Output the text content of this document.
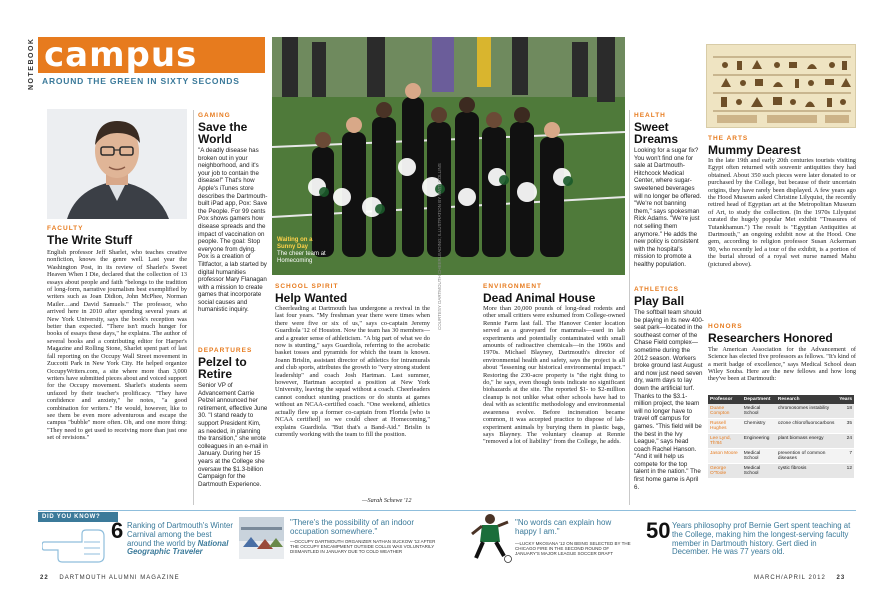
NOTEBOOK campus
AROUND THE GREEN IN SIXTY SECONDS
FACULTY
The Write Stuff
English professor Jeff Sharlet, who teaches creative nonfiction, knows the genre well. Last year the Washington Post, in its review of Sharlet's Sweet Heaven When I Die, declared that the collection of 13 essays about people and faith "belongs to the tradition of long-form, narrative journalism best exemplified by writers such as Joan Didion, John McPhee, Norman Mailer…and David Samuels." The professor, who arrived here in 2010 after spending several years at New York University, says the book's reception was better than expected. "There isn't much hunger for books of essays these days," he explains. The author of several books and a contributing editor for Harper's Magazine and Rolling Stone, Sharlet spent part of last fall reporting on the Occupy Wall Street movement in Zuccotti Park in New York City. He helped organize OccupyWriters.com, a site where more than 3,000 writers have submitted pieces about and voiced support for the Occupy movement. Sharlet's students seem unfazed by their teacher's prolificacy. "They have confidence and anxiety," he notes, "a good combination for writers." He would, however, like to see them be even more adventurous and escape the campus "bubble" more often. Oh, and one more thing: "They need to get used to receiving more than just one set of revisions."
GAMING
Save the World
"A deadly disease has broken out in your neighborhood, and it's your job to contain the disease!" That's how Apple's iTunes store describes the Dartmouth-built iPad app, Pox: Save the People. For 99 cents Pox shows gamers how disease spreads and the impact of vaccination on people. The goal: Stop everyone from dying. Pox is a creation of Tiltfactor, a lab started by digital humanities professor Mary Flanagan with a mission to create games that incorporate social causes and humanistic inquiry.
DEPARTURES
Pelzel to Retire
Senior VP of Advancement Carrie Pelzel announced her retirement, effective June 30. "I stand ready to support President Kim, as needed, in planning the transition," she wrote colleagues in an e-mail in January. During her 15 years at the College she oversaw the $1.3-billion Campaign for the Dartmouth Experience.
Waiting on a Sunny Day
The cheer team at Homecoming	COURTESY DARTMOUTH CHEERLEADING; ILLUSTRATION BY MATT COLLINS
SCHOOL SPIRIT
Help Wanted
Cheerleading at Dartmouth has undergone a revival in the last four years. "My freshman year there were times when there were five or six of us," says co-captain Jeremy Guardiola '12 of Houston. Now the team has 30 members—and a greater sense of athleticism. "A big part of what we do now is stunting," says Guardiola, referring to the acrobatic basket tosses and pyramids for which the team is known. Joann Brislin, assistant director of athletics for intramurals and club sports, attributes the growth to "very strong student leadership" and coach Josh Hartman. Last summer, however, Hartman accepted a position at New York University, leaving the squad without a coach. Cheerleaders cannot conduct stunting practices or do stunts at games without an NCAA-certified coach. "One weekend, athletics actually flew up a former co-captain from Florida [who is NCAA certified] so we could cheer at Homecoming," explains Guardiola. "But that's a Band-Aid." Brislin is currently working with the team to fill the position.
—Sarah Schewe '12
ENVIRONMENT
Dead Animal House
More than 20,000 pounds of long-dead rodents and other small critters were exhumed from College-owned Rennie Farm last fall. The Hanover Center location served as a graveyard for mammals—used in lab experiments and potentially contaminated with small amounts of radioactive chemicals—in the 1960s and 1970s. Michael Blayney, Dartmouth's director of environmental health and safety, says the project is all about "lessening our historical environmental impact." Restoring the 230-acre property is "the right thing to do," he says, even though tests indicate no significant biohazards at the site. The reported $1- to $2-million cleanup is not unlike what other schools have had to deal with as scientific methodology and environmental awareness evolve. Before incineration became common, it was accepted practice to dispose of lab-experiment animals by burying them in plastic bags, says Blayney. The voluntary cleanup at Rennie "removed a lot of liability" from the College, he adds.
HEALTH
Sweet Dreams
Looking for a sugar fix? You won't find one for sale at Dartmouth-Hitchcock Medical Center, where sugar-sweetened beverages will no longer be offered. "We're not banning them," says spokesman Rick Adams. "We're just not selling them anymore." He adds the new policy is consistent with the hospital's mission to promote a healthy population.
ATHLETICS
Play Ball
The softball team should be playing in its new 400-seat park—located in the southeast corner of the Chase Field complex—sometime during the 2012 season. Workers broke ground last August and now just need seven dry, warm days to lay down the artificial turf. Thanks to the $3.1-million project, the team will no longer have to travel off campus for games. "This field will be the best in the Ivy League," says head coach Rachel Hanson. "And it will help us compete for the top talent in the nation." The first home game is April 6.
THE ARTS
Mummy Dearest
In the late 19th and early 20th centuries tourists visiting Egypt often returned with souvenir antiquities they had obtained. About 350 such pieces were later donated to or purchased by the College, but because of their uncertain origins, they have rarely been displayed. A few years ago the Hood Museum asked Christine Lilyquist, the recently retired head of Egyptian art at the Metropolitan Museum of Art, to study the collection. (In the 1970s Lilyquist curated the hugely popular Met exhibit "Treasures of Tutankhamun.") The result is "Egyptian Antiquities at Dartmouth," an ongoing exhibit now at the Hood. One gem, according to religion professor Susan Ackerman '80, who recently led a tour of the exhibit, is a portion of the burial shroud of a royal wet nurse named Mahu (pictured above).
HONORS
Researchers Honored
The American Association for the Advancement of Science has elected five professors as fellows. "It's kind of a merit badge of excellence," says Medical School dean Wiley Souba. Here are the new fellows and how long they've been at Dartmouth:
Professor	Department	Research	Years
Duane Compton	Medical School	chromosomes instability	18
Russell Hughes	Chemistry	ozone chlorofluorocarbons	35
Lee Lynd, Th'84	Engineering	plant biomass energy	24
Jason Moore	Medical School	prevention of common diseases	7
George O'Toole	Medical School	cystic fibrosis	12
DID YOU KNOW?
6 Ranking of Dartmouth's Winter Carnival among the best around the world by National Geographic Traveler
"There's the possibility of an indoor occupation somewhere."
—OCCUPY DARTMOUTH ORGANIZER NATHAN SUCKOW '12 AFTER THE OCCUPY ENCAMPMENT OUTSIDE COLLIS WAS VOLUNTARILY DISMANTLED IN JANUARY DUE TO COLD WEATHER
"No words can explain how happy I am."
—LUCKY MKOSANA '12 ON BEING SELECTED BY THE CHICAGO FIRE IN THE SECOND ROUND OF JANUARY'S MAJOR LEAGUE SOCCER DRAFT
50 Years philosophy prof Bernie Gert spent teaching at the College, making him the longest-serving faculty member in Dartmouth history. Gert died in December. He was 77 years old.
22 DARTMOUTH ALUMNI MAGAZINE	MARCH/APRIL 2012 23
